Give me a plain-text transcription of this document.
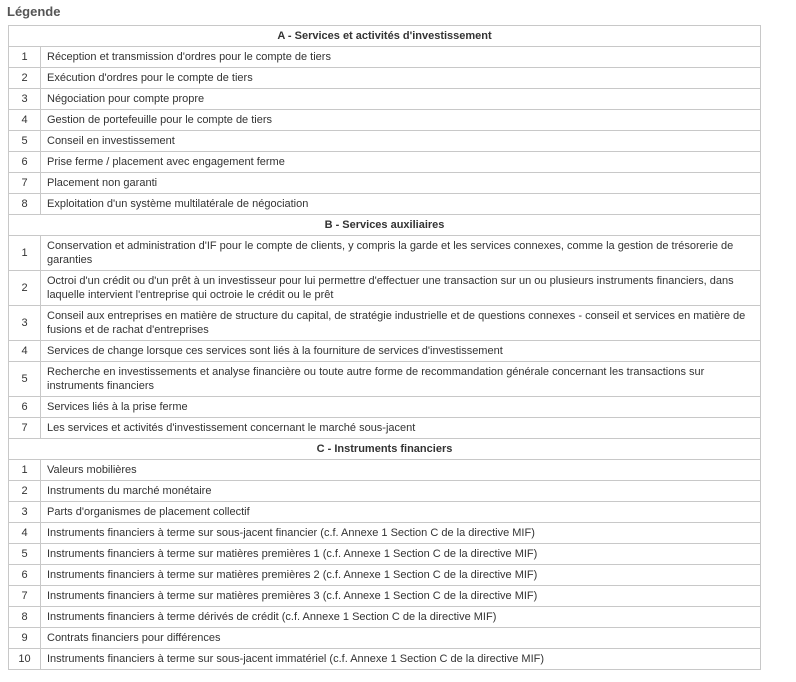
Légende
A - Services et activités d'investissement	
1	Réception et transmission d'ordres pour le compte de tiers
2	Exécution d'ordres pour le compte de tiers
3	Négociation pour compte propre
4	Gestion de portefeuille pour le compte de tiers
5	Conseil en investissement
6	Prise ferme / placement avec engagement ferme
7	Placement non garanti
8	Exploitation d'un système multilatérale de négociation
B - Services auxiliaires	
1	Conservation et administration d'IF pour le compte de clients, y compris la garde et les services connexes, comme la gestion de trésorerie de garanties
2	Octroi d'un crédit ou d'un prêt à un investisseur pour lui permettre d'effectuer une transaction sur un ou plusieurs instruments financiers, dans laquelle intervient l'entreprise qui octroie le crédit ou le prêt
3	Conseil aux entreprises en matière de structure du capital, de stratégie industrielle et de questions connexes - conseil et services en matière de fusions et de rachat d'entreprises
4	Services de change lorsque ces services sont liés à la fourniture de services d'investissement
5	Recherche en investissements et analyse financière ou toute autre forme de recommandation générale concernant les transactions sur instruments financiers
6	Services liés à la prise ferme
7	Les services et activités d'investissement concernant le marché sous-jacent
C - Instruments financiers	
1	Valeurs mobilières
2	Instruments du marché monétaire
3	Parts d'organismes de placement collectif
4	Instruments financiers à terme sur sous-jacent financier (c.f. Annexe 1 Section C de la directive MIF)
5	Instruments financiers à terme sur matières premières 1 (c.f. Annexe 1 Section C de la directive MIF)
6	Instruments financiers à terme sur matières premières 2 (c.f. Annexe 1 Section C de la directive MIF)
7	Instruments financiers à terme sur matières premières 3 (c.f. Annexe 1 Section C de la directive MIF)
8	Instruments financiers à terme dérivés de crédit (c.f. Annexe 1 Section C de la directive MIF)
9	Contrats financiers pour différences
10	Instruments financiers à terme sur sous-jacent immatériel (c.f. Annexe 1 Section C de la directive MIF)
